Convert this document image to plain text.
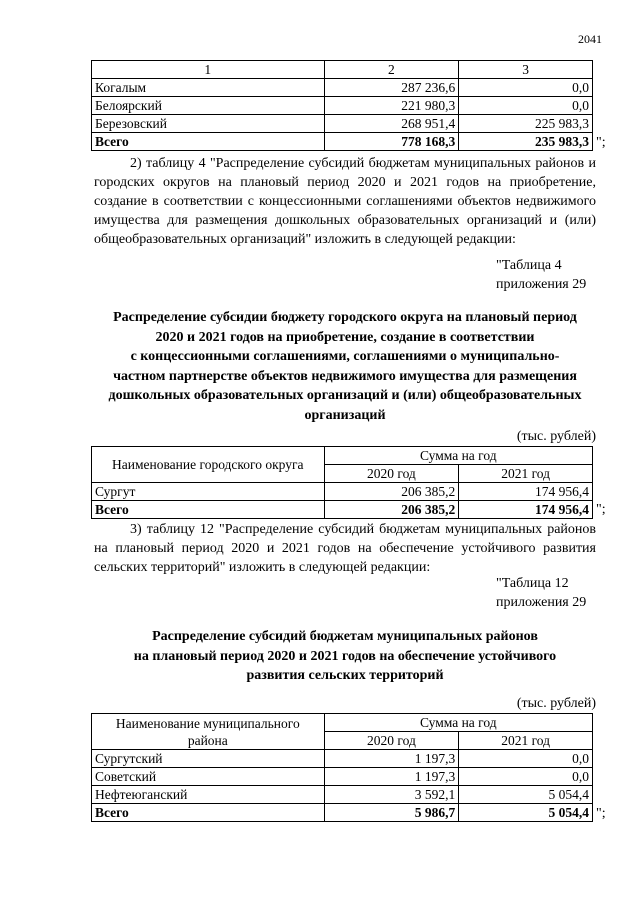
2041
1	2	3
Когалым	287 236,6	0,0
Белоярский	221 980,3	0,0
Березовский	268 951,4	225 983,3
Всего	778 168,3	235 983,3 ";
2) таблицу 4 "Распределение субсидий бюджетам муниципальных районов и городских округов на плановый период 2020 и 2021 годов на приобретение, создание в соответствии с концессионными соглашениями объектов недвижимого имущества для размещения дошкольных образовательных организаций и (или) общеобразовательных организаций" изложить в следующей редакции:
"Таблица 4
приложения 29
Распределение субсидии бюджету городского округа на плановый период
2020 и 2021 годов на приобретение, создание в соответствии
с концессионными соглашениями, соглашениями о муниципально-
частном партнерстве объектов недвижимого имущества для размещения
дошкольных образовательных организаций и (или) общеобразовательных
организаций
(тыс. рублей)
Наименование городского округа	Сумма на год	
	2020 год	2021 год
Сургут	206 385,2	174 956,4
Всего	206 385,2	174 956,4 ";
3) таблицу 12 "Распределение субсидий бюджетам муниципальных районов на плановый период 2020 и 2021 годов на обеспечение устойчивого развития сельских территорий" изложить в следующей редакции:
"Таблица 12
приложения 29
Распределение субсидий бюджетам муниципальных районов
на плановый период 2020 и 2021 годов на обеспечение устойчивого
развития сельских территорий
(тыс. рублей)
Наименование муниципального
района	Сумма на год	
	2020 год	2021 год
Сургутский	1 197,3	0,0
Советский	1 197,3	0,0
Нефтеюганский	3 592,1	5 054,4
Всего	5 986,7	5 054,4 ";
